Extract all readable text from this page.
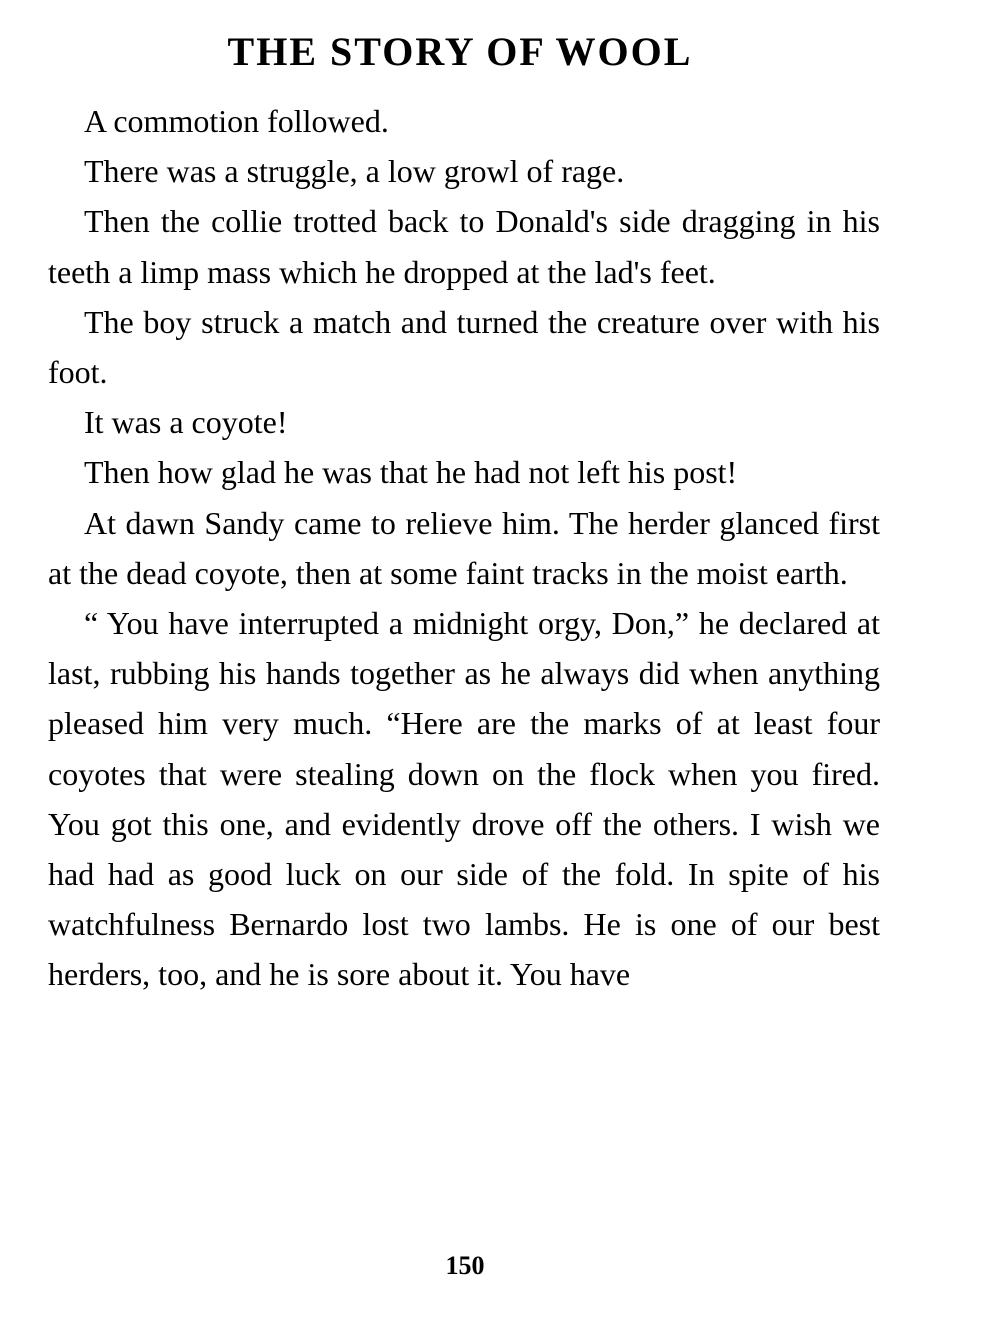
THE STORY OF WOOL

A commotion followed.

There was a struggle, a low growl of rage.

Then the collie trotted back to Donald's side dragging in his teeth a limp mass which he dropped at the lad's feet.

The boy struck a match and turned the creature over with his foot.

It was a coyote!

Then how glad he was that he had not left his post!

At dawn Sandy came to relieve him. The herder glanced first at the dead coyote, then at some faint tracks in the moist earth.

“ You have interrupted a midnight orgy, Don,” he declared at last, rubbing his hands together as he always did when anything pleased him very much. “Here are the marks of at least four coyotes that were stealing down on the flock when you fired. You got this one, and evidently drove off the others. I wish we had had as good luck on our side of the fold. In spite of his watchfulness Bernardo lost two lambs. He is one of our best herders, too, and he is sore about it. You have

150
